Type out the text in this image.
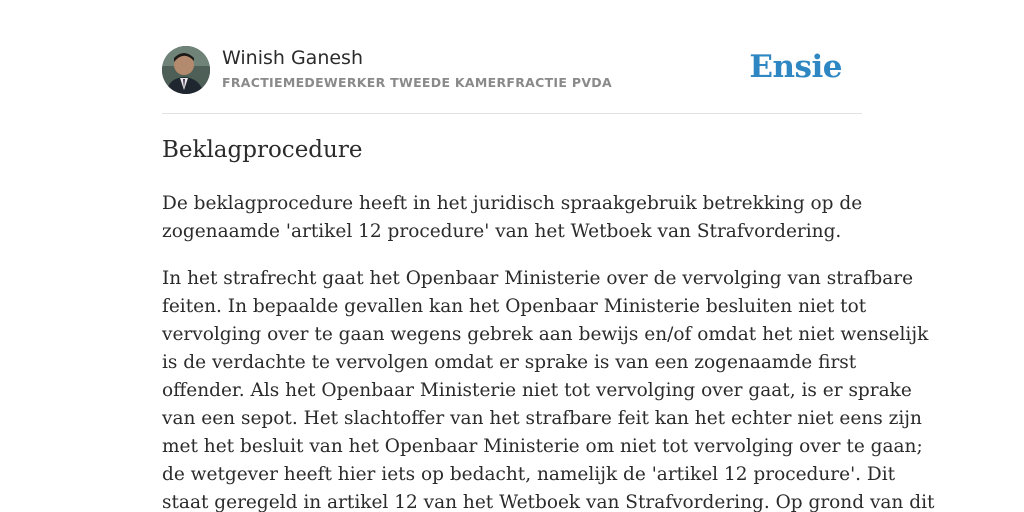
Winish Ganesh
FRACTIEMEDEWERKER TWEEDE KAMERFRACTIE PVDA	Ensie
Beklagprocedure

De beklagprocedure heeft in het juridisch spraakgebruik betrekking op de
zogenaamde 'artikel 12 procedure' van het Wetboek van Strafvordering.

In het strafrecht gaat het Openbaar Ministerie over de vervolging van strafbare
feiten. In bepaalde gevallen kan het Openbaar Ministerie besluiten niet tot
vervolging over te gaan wegens gebrek aan bewijs en/of omdat het niet wenselijk
is de verdachte te vervolgen omdat er sprake is van een zogenaamde first
offender. Als het Openbaar Ministerie niet tot vervolging over gaat, is er sprake
van een sepot. Het slachtoffer van het strafbare feit kan het echter niet eens zijn
met het besluit van het Openbaar Ministerie om niet tot vervolging over te gaan;
de wetgever heeft hier iets op bedacht, namelijk de 'artikel 12 procedure'. Dit
staat geregeld in artikel 12 van het Wetboek van Strafvordering. Op grond van dit
